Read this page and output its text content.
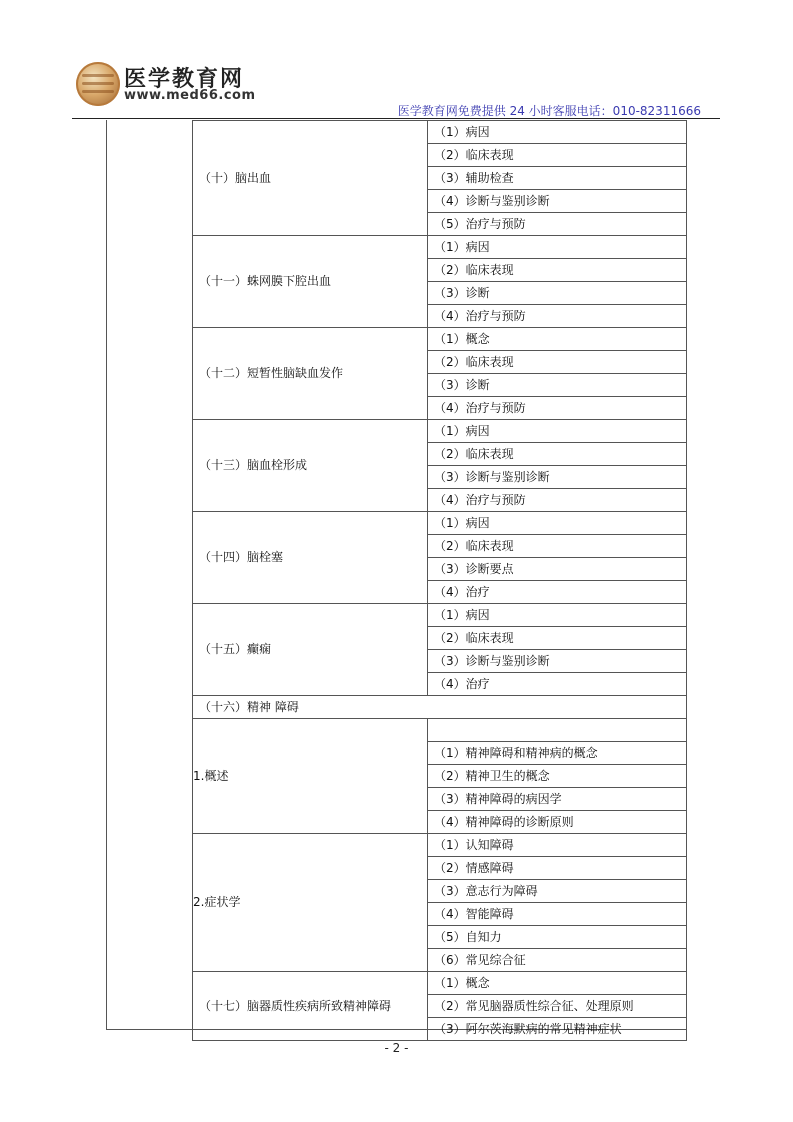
医学教育网
www.med66.com
医学教育网免费提供 24 小时客服电话：010-82311666
（十）脑出血	（1）病因
	（2）临床表现
	（3）辅助检查
	（4）诊断与鉴别诊断
	（5）治疗与预防
（十一）蛛网膜下腔出血	（1）病因
	（2）临床表现
	（3）诊断
	（4）治疗与预防
（十二）短暂性脑缺血发作	（1）概念
	（2）临床表现
	（3）诊断
	（4）治疗与预防
（十三）脑血栓形成	（1）病因
	（2）临床表现
	（3）诊断与鉴别诊断
	（4）治疗与预防
（十四）脑栓塞	（1）病因
	（2）临床表现
	（3）诊断要点
	（4）治疗
（十五）癫痫	（1）病因
	（2）临床表现
	（3）诊断与鉴别诊断
	（4）治疗
（十六）精神 障碍	
1.概述	
	（1）精神障碍和精神病的概念
	（2）精神卫生的概念
	（3）精神障碍的病因学
	（4）精神障碍的诊断原则
2.症状学	（1）认知障碍
	（2）情感障碍
	（3）意志行为障碍
	（4）智能障碍
	（5）自知力
	（6）常见综合征
（十七）脑器质性疾病所致精神障碍	（1）概念
	（2）常见脑器质性综合征、处理原则
	（3）阿尔茨海默病的常见精神症状
- 2 -
